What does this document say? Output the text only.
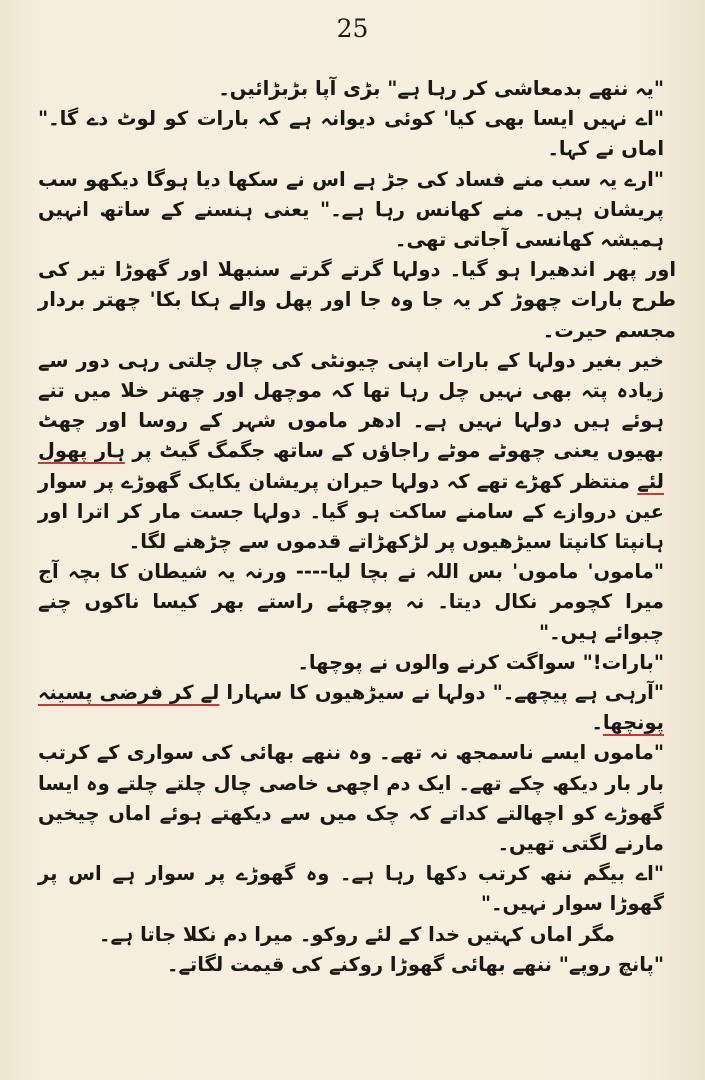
25

"یہ ننھے بدمعاشی کر رہا ہے" بڑی آپا بڑبڑائیں۔

"اے نہیں ایسا بھی کیا' کوئی دیوانہ ہے کہ بارات کو لوٹ دے گا۔" اماں نے کہا۔

"ارے یہ سب منے فساد کی جڑ ہے اس نے سکھا دیا ہوگا دیکھو سب پریشان ہیں۔ منے کھانس رہا ہے۔" یعنی ہنسنے کے ساتھ انہیں ہمیشہ کھانسی آجاتی تھی۔

اور پھر اندھیرا ہو گیا۔ دولہا گرتے گرتے سنبھلا اور گھوڑا تیر کی طرح بارات چھوڑ کر یہ جا وہ جا اور پھل والے ہکا بکا' چھتر بردار مجسم حیرت۔

خیر بغیر دولہا کے بارات اپنی چیونٹی کی چال چلتی رہی دور سے زیادہ پتہ بھی نہیں چل رہا تھا کہ موچھل اور چھتر خلا میں تنے ہوئے ہیں دولہا نہیں ہے۔ ادھر ماموں شہر کے روسا اور چھٹ بھیوں یعنی چھوٹے موٹے راجاؤں کے ساتھ جگمگ گیٹ پر ہار پھول لئے منتظر کھڑے تھے کہ دولہا حیران پریشان یکایک گھوڑے پر سوار عین دروازے کے سامنے ساکت ہو گیا۔ دولہا جست مار کر اترا اور ہانپتا کانپتا سیڑھیوں پر لڑکھڑاتے قدموں سے چڑھنے لگا۔

"ماموں' ماموں' بس اللہ نے بچا لیا---- ورنہ یہ شیطان کا بچہ آج میرا کچومر نکال دیتا۔ نہ پوچھئے راستے بھر کیسا ناکوں چنے چبوائے ہیں۔"

"بارات!" سواگت کرنے والوں نے پوچھا۔

"آرہی ہے پیچھے۔" دولہا نے سیڑھیوں کا سہارا لے کر فرضی پسینہ پونچھا۔

"ماموں ایسے ناسمجھ نہ تھے۔ وہ ننھے بھائی کی سواری کے کرتب بار بار دیکھ چکے تھے۔ ایک دم اچھی خاصی چال چلتے چلتے وہ ایسا گھوڑے کو اچھالتے کداتے کہ چک میں سے دیکھتے ہوئے اماں چیخیں مارنے لگتی تھیں۔

"اے بیگم ننھ کرتب دکھا رہا ہے۔ وہ گھوڑے پر سوار ہے اس پر گھوڑا سوار نہیں۔"

مگر اماں کہتیں خدا کے لئے روکو۔ میرا دم نکلا جاتا ہے۔

"پانچ روپے" ننھے بھائی گھوڑا روکنے کی قیمت لگاتے۔
